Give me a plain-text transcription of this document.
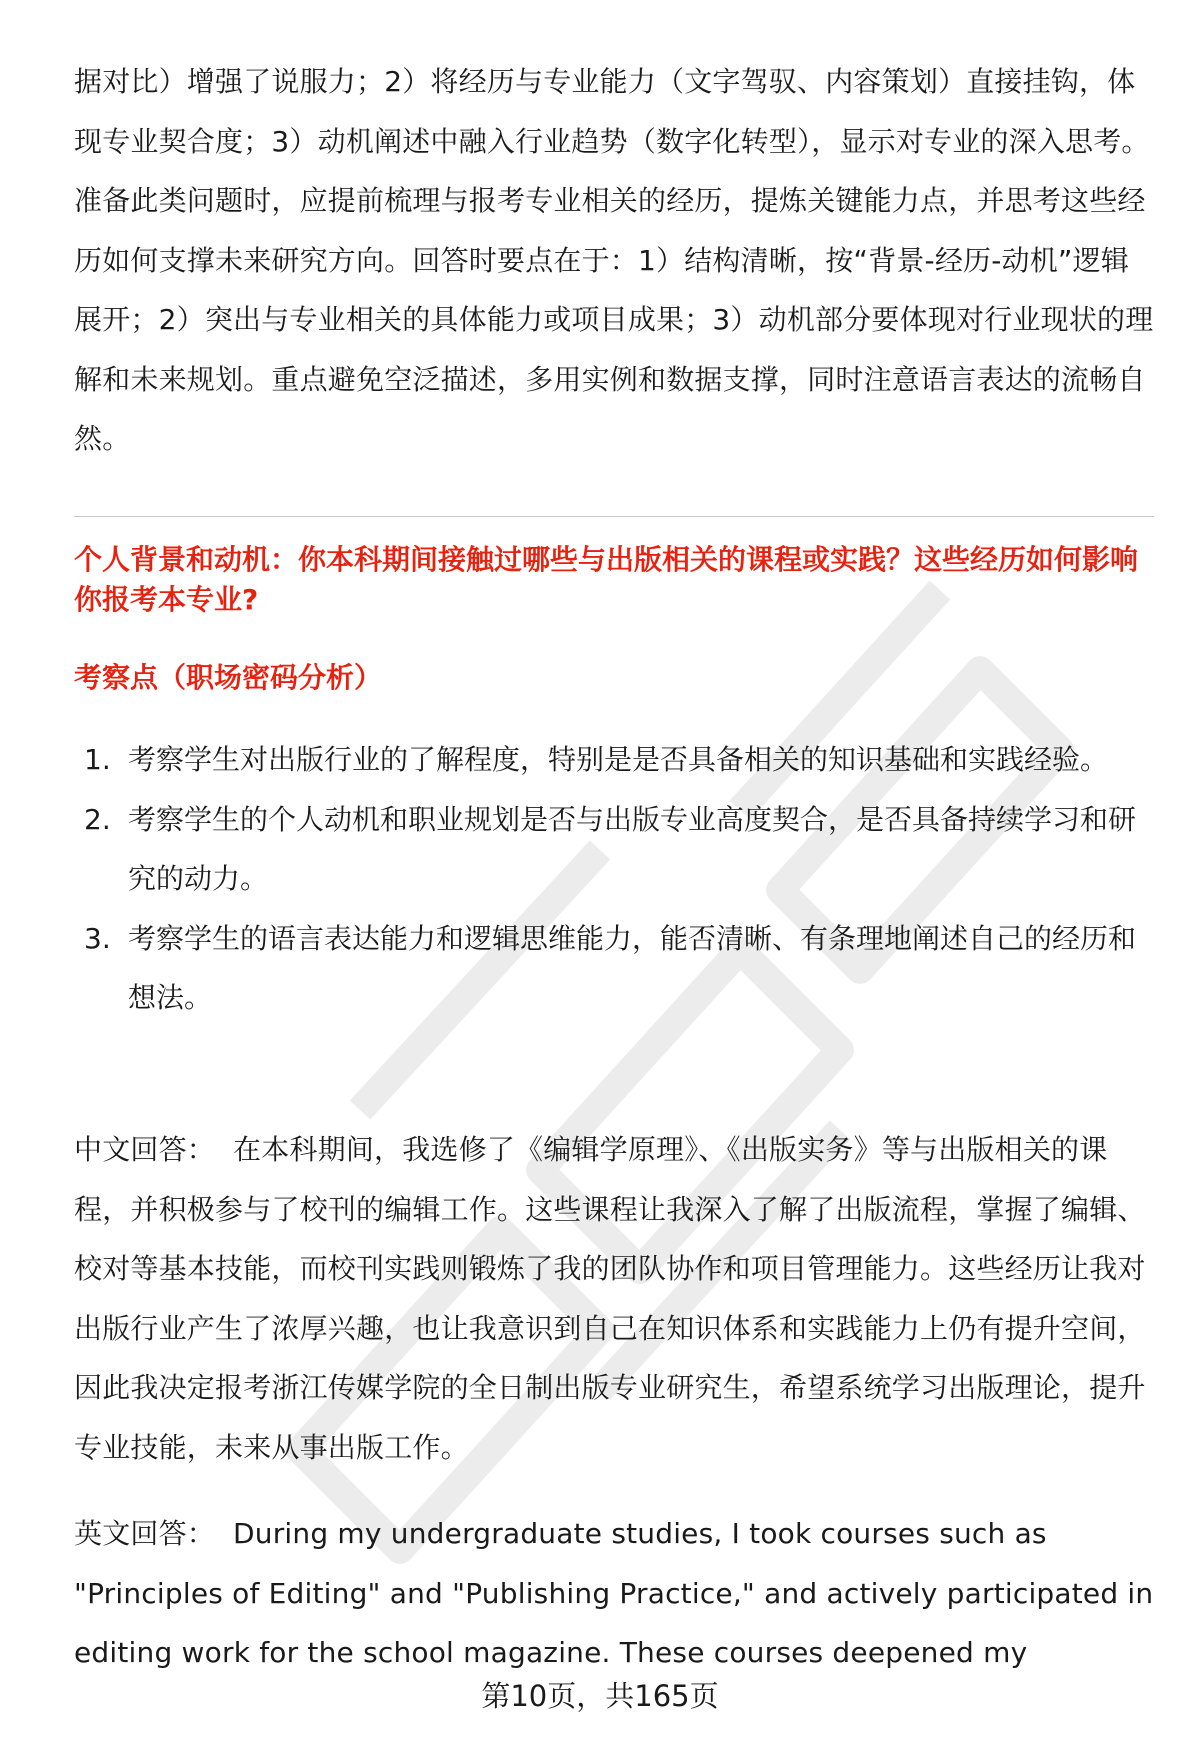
据对比）增强了说服力；2）将经历与专业能力（文字驾驭、内容策划）直接挂钩，体现专业契合度；3）动机阐述中融入行业趋势（数字化转型），显示对专业的深入思考。准备此类问题时，应提前梳理与报考专业相关的经历，提炼关键能力点，并思考这些经历如何支撑未来研究方向。回答时要点在于：1）结构清晰，按“背景-经历-动机”逻辑展开；2）突出与专业相关的具体能力或项目成果；3）动机部分要体现对行业现状的理解和未来规划。重点避免空泛描述，多用实例和数据支撑，同时注意语言表达的流畅自然。

个人背景和动机：你本科期间接触过哪些与出版相关的课程或实践？这些经历如何影响你报考本专业?

考察点（职场密码分析）

1. 考察学生对出版行业的了解程度，特别是是否具备相关的知识基础和实践经验。
2. 考察学生的个人动机和职业规划是否与出版专业高度契合，是否具备持续学习和研究的动力。
3. 考察学生的语言表达能力和逻辑思维能力，能否清晰、有条理地阐述自己的经历和想法。

中文回答： 在本科期间，我选修了《编辑学原理》、《出版实务》等与出版相关的课程，并积极参与了校刊的编辑工作。这些课程让我深入了解了出版流程，掌握了编辑、校对等基本技能，而校刊实践则锻炼了我的团队协作和项目管理能力。这些经历让我对出版行业产生了浓厚兴趣，也让我意识到自己在知识体系和实践能力上仍有提升空间，因此我决定报考浙江传媒学院的全日制出版专业研究生，希望系统学习出版理论，提升专业技能，未来从事出版工作。

英文回答： During my undergraduate studies, I took courses such as "Principles of Editing" and "Publishing Practice," and actively participated in editing work for the school magazine. These courses deepened my

第10页，共165页
